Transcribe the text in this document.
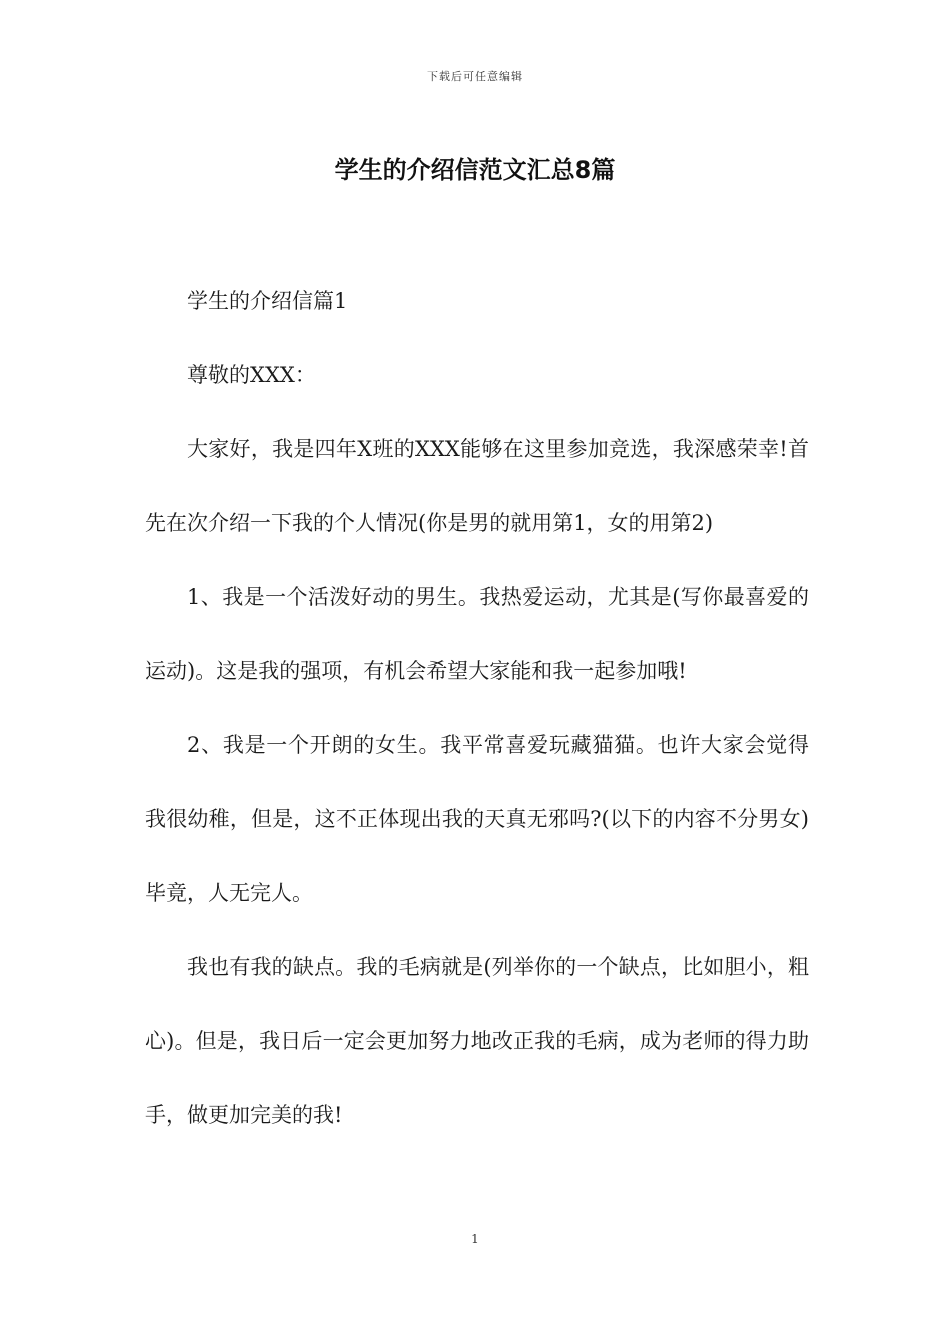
下载后可任意编辑
学生的介绍信范文汇总8篇

学生的介绍信篇1

尊敬的XXX：

大家好，我是四年X班的XXX能够在这里参加竞选，我深感荣幸!首先在次介绍一下我的个人情况(你是男的就用第1，女的用第2)

1、我是一个活泼好动的男生。我热爱运动，尤其是(写你最喜爱的运动)。这是我的强项，有机会希望大家能和我一起参加哦!

2、我是一个开朗的女生。我平常喜爱玩藏猫猫。也许大家会觉得我很幼稚，但是，这不正体现出我的天真无邪吗?(以下的内容不分男女)毕竟，人无完人。

我也有我的缺点。我的毛病就是(列举你的一个缺点，比如胆小，粗心)。但是，我日后一定会更加努力地改正我的毛病，成为老师的得力助手，做更加完美的我!

1
